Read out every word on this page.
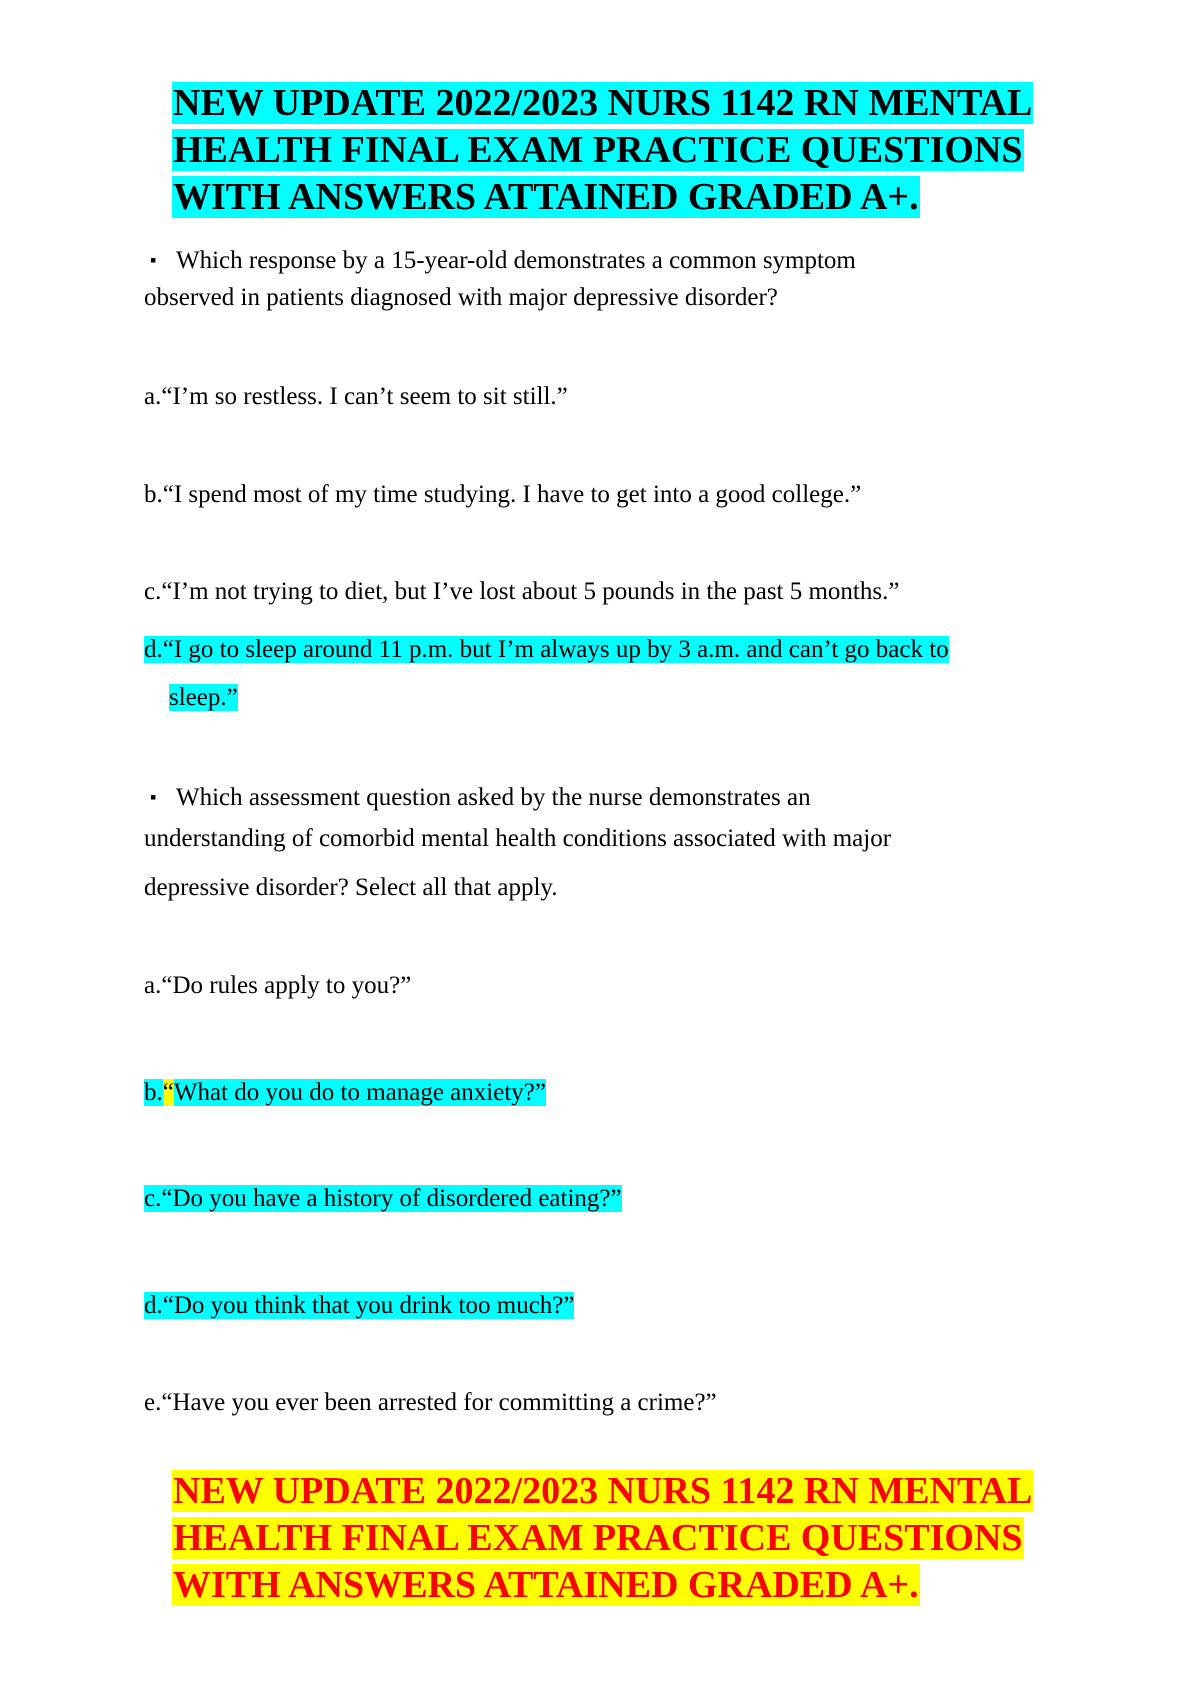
NEW UPDATE 2022/2023 NURS 1142 RN MENTAL
HEALTH FINAL EXAM PRACTICE QUESTIONS
WITH ANSWERS ATTAINED GRADED A+.
▪ Which response by a 15-year-old demonstrates a common symptom
observed in patients diagnosed with major depressive disorder?
a.“I’m so restless. I can’t seem to sit still.”
b.“I spend most of my time studying. I have to get into a good college.”
c.“I’m not trying to diet, but I’ve lost about 5 pounds in the past 5 months.”
d.“I go to sleep around 11 p.m. but I’m always up by 3 a.m. and can’t go back to
sleep.”
▪ Which assessment question asked by the nurse demonstrates an
understanding of comorbid mental health conditions associated with major
depressive disorder? Select all that apply.
a.“Do rules apply to you?”
b.“What do you do to manage anxiety?”
c.“Do you have a history of disordered eating?”
d.“Do you think that you drink too much?”
e.“Have you ever been arrested for committing a crime?”
NEW UPDATE 2022/2023 NURS 1142 RN MENTAL
HEALTH FINAL EXAM PRACTICE QUESTIONS
WITH ANSWERS ATTAINED GRADED A+.
